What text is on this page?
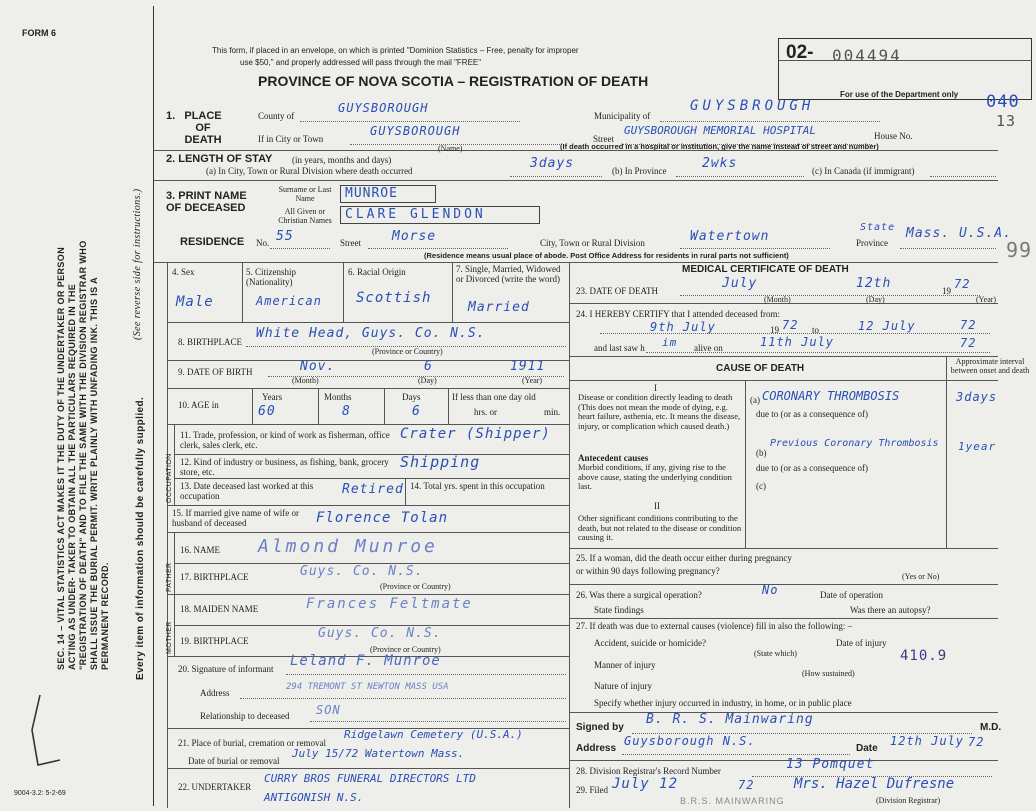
FORM 6
This form, if placed in an envelope, on which is printed "Dominion Statistics – Free, penalty for improper
use $50," and properly addressed will pass through the mail "FREE"
PROVINCE OF NOVA SCOTIA – REGISTRATION OF DEATH
02- 004494
For use of the Department only 040
13
99
SEC. 14 – VITAL STATISTICS ACT MAKES IT THE DUTY OF THE UNDERTAKER OR PERSON ACTING AS UNDER- TAKER TO OBTAIN ALL THE PARTICULARS REQUIRED IN THE "REGISTRATION OF DEATH" AND TO FILE THE SAME WITH THE DIVISION REGISTRAR WHO SHALL ISSUE THE BURIAL PERMIT. WRITE PLAINLY WITH UNFADING INK. THIS IS A PERMANENT RECORD.
(See reverse side for instructions.)
Every item of information should be carefully supplied.
9004-3.2: 5-2-69
1. PLACE OF DEATH
County of
GUYSBOROUGH
Municipality of
GUYSBROUGH
If in City or Town
GUYSBOROUGH
(Name)
Street
GUYSBOROUGH MEMORIAL HOSPITAL	House No.
(If death occurred in a hospital or institution, give the name instead of street and number)
2. LENGTH OF STAY (in years, months and days)
(a) In City, Town or Rural Division where death occurred	3days	(b) In Province	2wks	(c) In Canada (if immigrant)
3. PRINT NAME OF DECEASED
Surname or Last Name
All Given or Christian Names
MUNROE
CLARE GLENDON
RESIDENCE No. 55	Street Morse	City, Town or Rural Division	Watertown
State
Province
Mass. U.S.A.
(Residence means usual place of abode. Post Office Address for residents in rural parts not sufficient)
4. Sex
Male
5. Citizenship (Nationality)
American
6. Racial Origin
Scottish
7. Single, Married, Widowed or Divorced (write the word)
Married
8. BIRTHPLACE
White Head, Guys. Co. N.S.
(Province or Country)
9. DATE OF BIRTH	Nov.	6	1911
(Month)	(Day)	(Year)
10. AGE in
Years
60
Months
8
Days
6
If less than one day old
hrs. or	min.
OCCUPATION
11. Trade, profession, or kind of work as fisherman, office clerk, sales clerk, etc.
Crater (Shipper)
12. Kind of industry or business, as fishing, bank, grocery store, etc.
Shipping
13. Date deceased last worked at this occupation	Retired 14. Total yrs. spent in this occupation
15. If married give name of wife or husband of deceased	Florence Tolan
FATHER
16. NAME Almond Munroe
17. BIRTHPLACE	Guys. Co. N.S.
(Province or Country)
MOTHER
18. MAIDEN NAME	Frances Feltmate
19. BIRTHPLACE	Guys. Co. N.S.
(Province or Country)
20. Signature of informant Leland F. Munroe
Address
294 TREMONT ST NEWTON MASS USA
Relationship to deceased SON
21. Place of burial, cremation or removal
Ridgelawn Cemetery (U.S.A.)
Date of burial or removal
July 15/72 Watertown Mass.
22. UNDERTAKER
CURRY BROS FUNERAL DIRECTORS LTD
ANTIGONISH N.S.
MEDICAL CERTIFICATE OF DEATH
23. DATE OF DEATH	July	12th	19 72
(Month)	(Day)	(Year)
24. I HEREBY CERTIFY that I attended deceased from:
9th July	19 72 to	12 July	72
and last saw h im alive on	11th July	72
CAUSE OF DEATH
Approximate interval between onset and death
I
Disease or condition directly leading to death (This does not mean the mode of dying, e.g. heart failure, asthenia, etc. It means the disease, injury, or complication which caused death.)
(a) CORONARY THROMBOSIS	3days
due to (or as a consequence of)
due to (or as a consequence of)
Antecedent causes
Morbid conditions, if any, giving rise to the above cause, stating the underlying condition last.
(b)
Previous Coronary Thrombosis 1year
(c)
II
Other significant conditions contributing to the death, but not related to the disease or condition causing it.
25. If a woman, did the death occur either during pregnancy or within 90 days following pregnancy?
(Yes or No)
26. Was there a surgical operation?	No	Date of operation
State findings	Was there an autopsy?
27. If death was due to external causes (violence) fill in also the following: –
Accident, suicide or homicide?
(State which)
Date of injury
Manner of injury
(How sustained)
410.9
Nature of injury
Specify whether injury occurred in industry, in home, or in public place
Signed by
B. R. S. Mainwaring
M.D.
Address
Guysborough N.S.
Date
12th July 72
28. Division Registrar's Record Number	13 Pomquet
29. Filed July 12	72	Mrs. Hazel Dufresne
(Division Registrar)
B.R.S. MAINWARING
